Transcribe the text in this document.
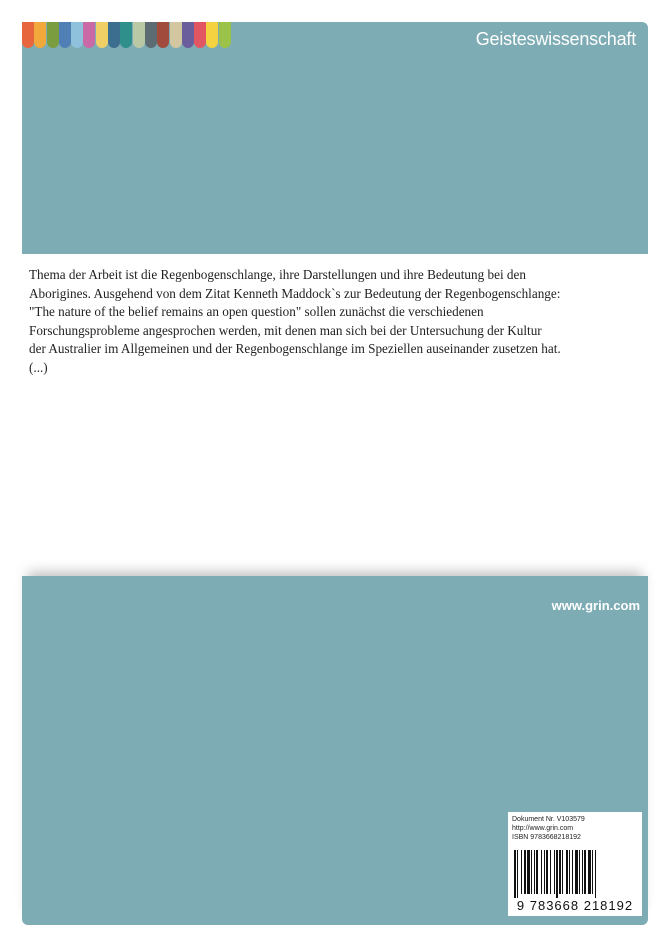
Geisteswissenschaft
Thema der Arbeit ist die Regenbogenschlange, ihre Darstellungen und ihre Bedeutung bei den
Aborigines. Ausgehend von dem Zitat Kenneth Maddock`s zur Bedeutung der Regenbogenschlange:
"The nature of the belief remains an open question" sollen zunächst die verschiedenen
Forschungsprobleme angesprochen werden, mit denen man sich bei der Untersuchung der Kultur
der Australier im Allgemeinen und der Regenbogenschlange im Speziellen auseinander zusetzen hat.
(...)
www.grin.com
Dokument Nr. V103579
http://www.grin.com
ISBN 9783668218192
9 783668 218192
